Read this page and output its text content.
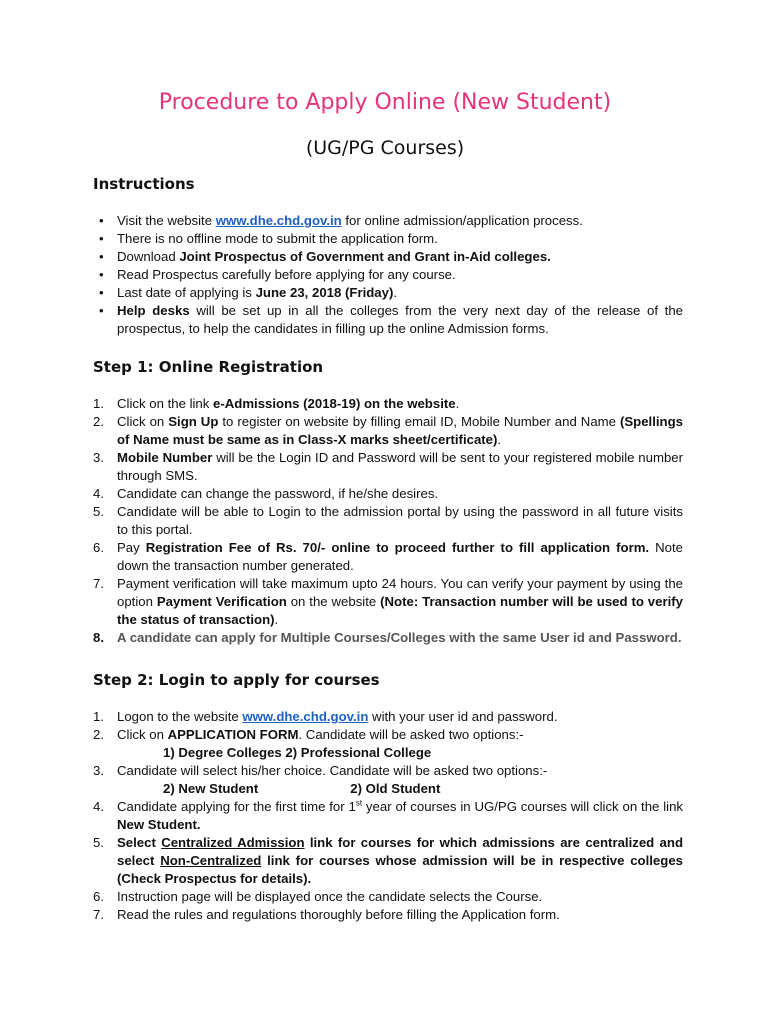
Procedure to Apply Online (New Student)
(UG/PG Courses)
Instructions
• Visit the website www.dhe.chd.gov.in for online admission/application process.
• There is no offline mode to submit the application form.
• Download Joint Prospectus of Government and Grant in-Aid colleges.
• Read Prospectus carefully before applying for any course.
• Last date of applying is June 23, 2018 (Friday).
• Help desks will be set up in all the colleges from the very next day of the release of the prospectus, to help the candidates in filling up the online Admission forms.
Step 1: Online Registration
1. Click on the link e-Admissions (2018-19) on the website.
2. Click on Sign Up to register on website by filling email ID, Mobile Number and Name (Spellings of Name must be same as in Class-X marks sheet/certificate).
3. Mobile Number will be the Login ID and Password will be sent to your registered mobile number through SMS.
4. Candidate can change the password, if he/she desires.
5. Candidate will be able to Login to the admission portal by using the password in all future visits to this portal.
6. Pay Registration Fee of Rs. 70/- online to proceed further to fill application form. Note down the transaction number generated.
7. Payment verification will take maximum upto 24 hours. You can verify your payment by using the option Payment Verification on the website (Note: Transaction number will be used to verify the status of transaction).
8. A candidate can apply for Multiple Courses/Colleges with the same User id and Password.
Step 2: Login to apply for courses
1. Logon to the website www.dhe.chd.gov.in with your user id and password.
2. Click on APPLICATION FORM. Candidate will be asked two options:-
1) Degree Colleges 2) Professional College
3. Candidate will select his/her choice. Candidate will be asked two options:-
2) New Student	2) Old Student
4. Candidate applying for the first time for 1st year of courses in UG/PG courses will click on the link New Student.
5. Select Centralized Admission link for courses for which admissions are centralized and select Non-Centralized link for courses whose admission will be in respective colleges (Check Prospectus for details).
6. Instruction page will be displayed once the candidate selects the Course.
7. Read the rules and regulations thoroughly before filling the Application form.
